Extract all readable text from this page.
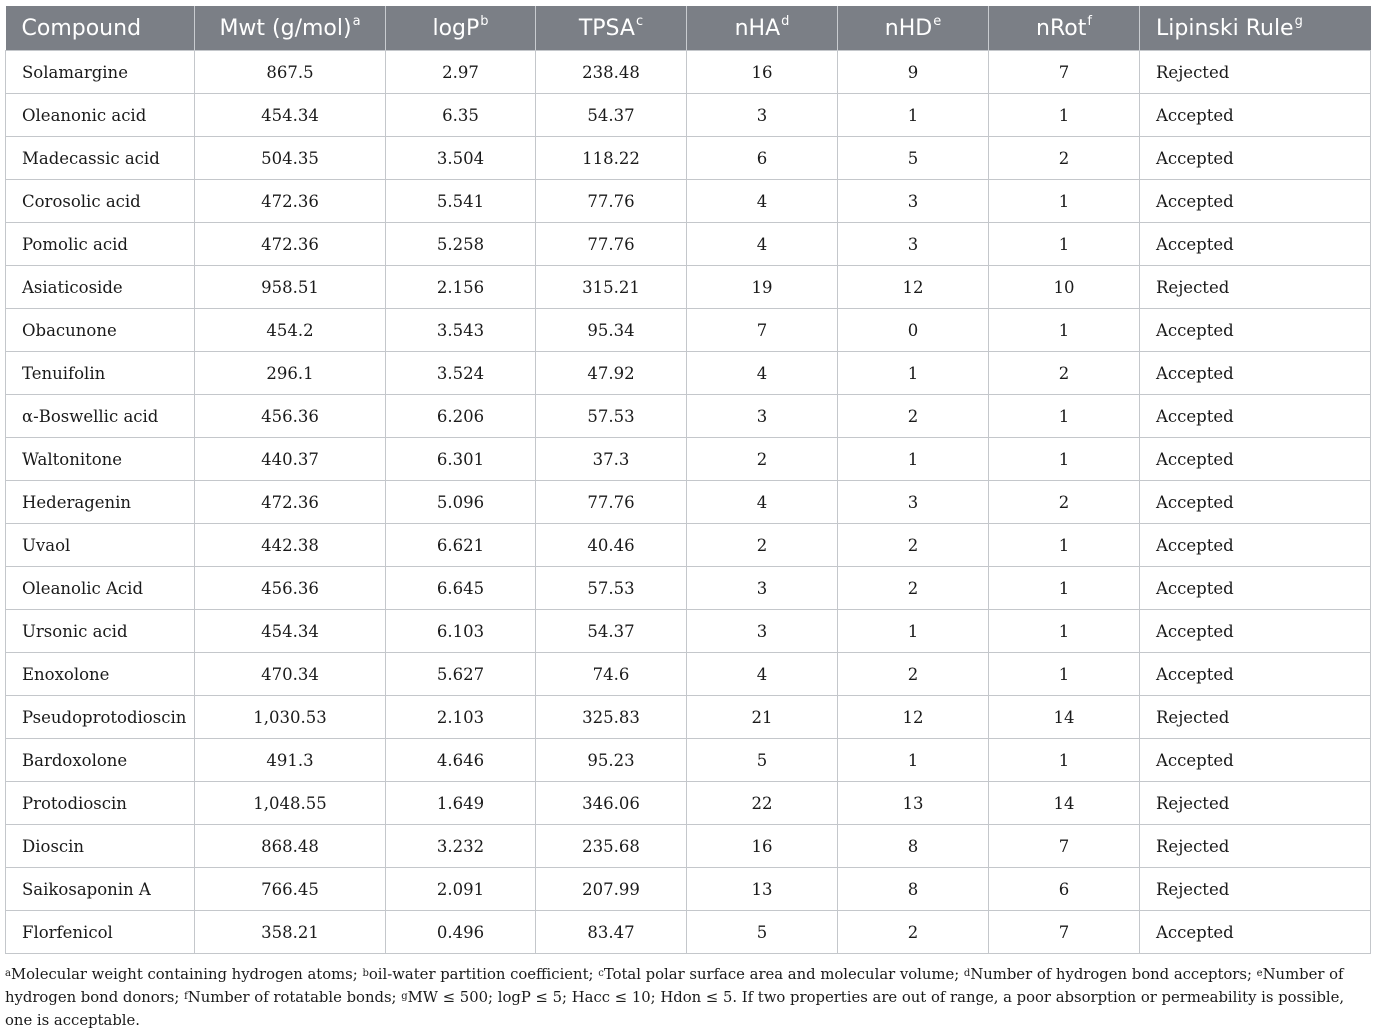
Compound	Mwt $(g/mol)^a$	logP$^b$	TPSA$^c$	nHA$^d$	nHD$^e$	nRot$^f$	Lipinski Rule$^g$
Solamargine	867.5	2.97	238.48	16	9	7	Rejected
Oleanonic acid	454.34	6.35	54.37	3	1	1	Accepted
Madecassic acid	504.35	3.504	118.22	6	5	2	Accepted
Corosolic acid	472.36	5.541	77.76	4	3	1	Accepted
Pomolic acid	472.36	5.258	77.76	4	3	1	Accepted
Asiaticoside	958.51	2.156	315.21	19	12	10	Rejected
Obacunone	454.2	3.543	95.34	7	0	1	Accepted
Tenuifolin	296.1	3.524	47.92	4	1	2	Accepted
α-Boswellic acid	456.36	6.206	57.53	3	2	1	Accepted
Waltonitone	440.37	6.301	37.3	2	1	1	Accepted
Hederagenin	472.36	5.096	77.76	4	3	2	Accepted
Uvaol	442.38	6.621	40.46	2	2	1	Accepted
Oleanolic Acid	456.36	6.645	57.53	3	2	1	Accepted
Ursonic acid	454.34	6.103	54.37	3	1	1	Accepted
Enoxolone	470.34	5.627	74.6	4	2	1	Accepted
Pseudoprotodioscin	1,030.53	2.103	325.83	21	12	14	Rejected
Bardoxolone	491.3	4.646	95.23	5	1	1	Accepted
Protodioscin	1,048.55	1.649	346.06	22	13	14	Rejected
Dioscin	868.48	3.232	235.68	16	8	7	Rejected
Saikosaponin A	766.45	2.091	207.99	13	8	6	Rejected
Florfenicol	358.21	0.496	83.47	5	2	7	Accepted
$^a$Molecular weight containing hydrogen atoms; $^b$oil-water partition coefficient; $^c$Total polar surface area and molecular volume; $^d$Number of hydrogen bond acceptors; $^e$Number of hydrogen bond donors; $^f$Number of rotatable bonds; $^g$MW ≤ 500; logP ≤ 5; Hacc ≤ 10; Hdon ≤ 5. If two properties are out of range, a poor absorption or permeability is possible, one is acceptable.
